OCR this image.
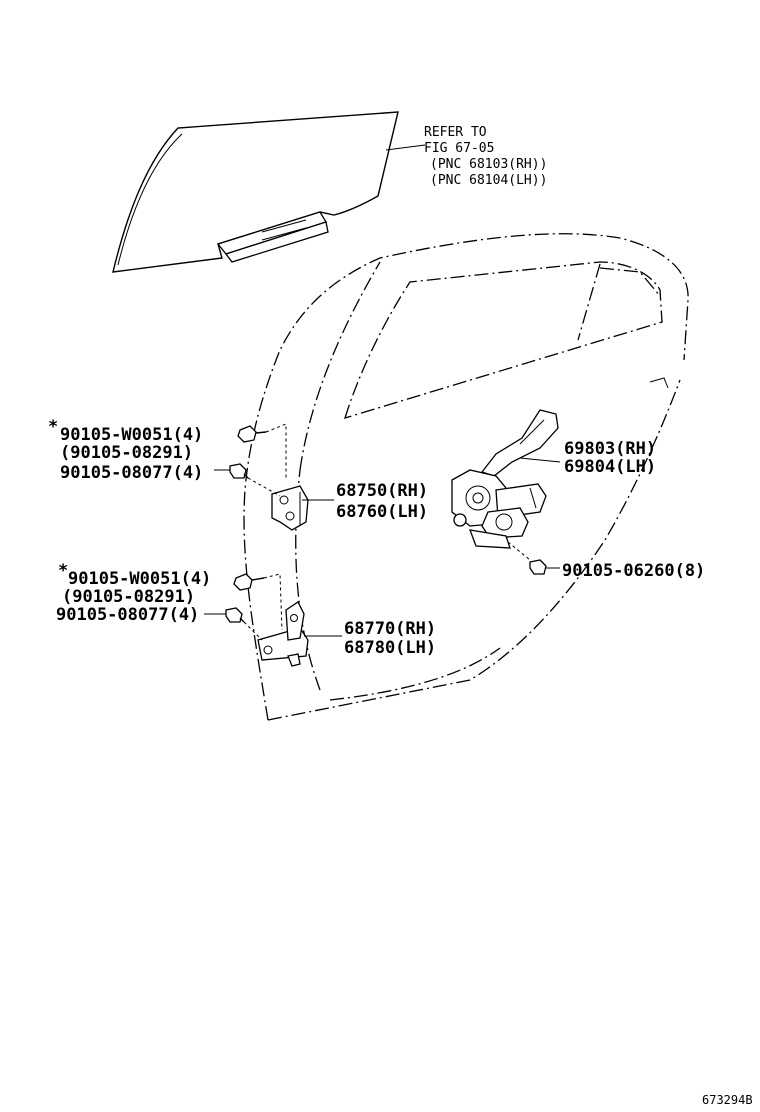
REFER TO
FIG 67-05
(PNC 68103(RH))
(PNC 68104(LH))
* 90105-W0051(4)
(90105-08291)
90105-08077(4)
68750(RH)
68760(LH)
69803(RH)
69804(LH)
90105-06260(8)
* 90105-W0051(4)
(90105-08291)
90105-08077(4)
68770(RH)
68780(LH)
673294B
